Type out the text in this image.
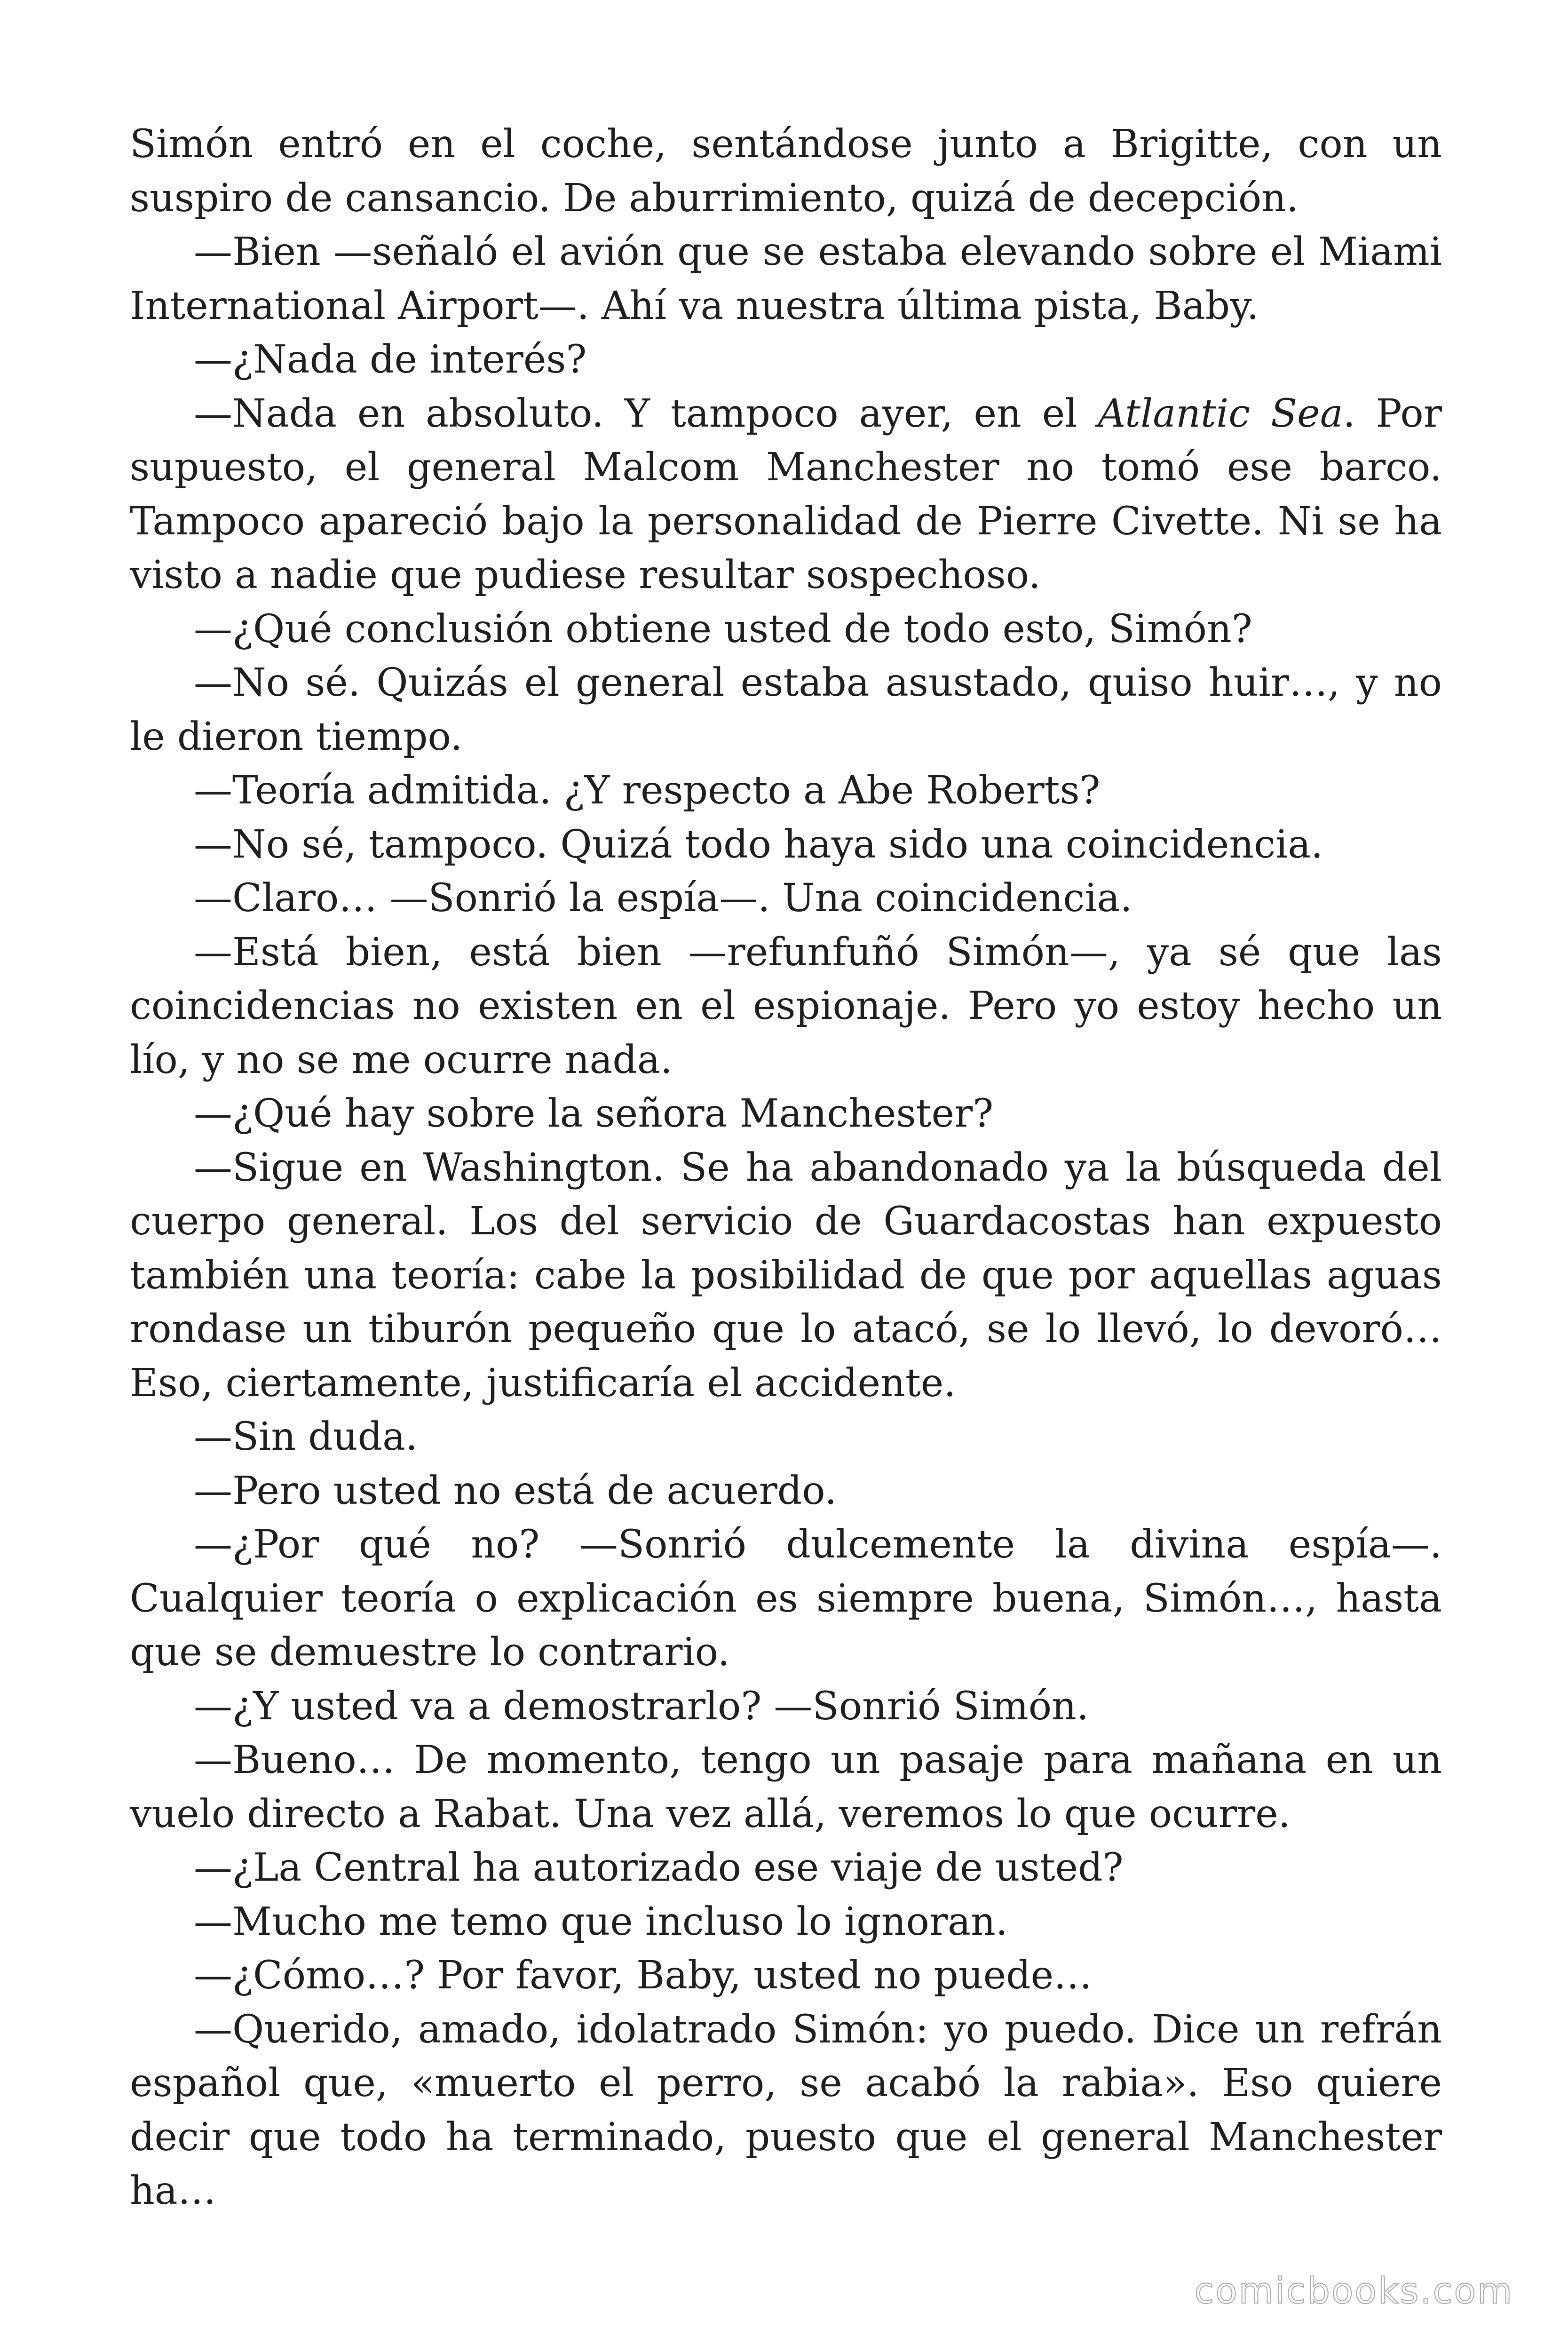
Simón entró en el coche, sentándose junto a Brigitte, con un suspiro de cansancio. De aburrimiento, quizá de decepción.

—Bien —señaló el avión que se estaba elevando sobre el Miami International Airport—. Ahí va nuestra última pista, Baby.

—¿Nada de interés?

—Nada en absoluto. Y tampoco ayer, en el Atlantic Sea. Por supuesto, el general Malcom Manchester no tomó ese barco. Tampoco apareció bajo la personalidad de Pierre Civette. Ni se ha visto a nadie que pudiese resultar sospechoso.

—¿Qué conclusión obtiene usted de todo esto, Simón?

—No sé. Quizás el general estaba asustado, quiso huir…, y no le dieron tiempo.

—Teoría admitida. ¿Y respecto a Abe Roberts?

—No sé, tampoco. Quizá todo haya sido una coincidencia.

—Claro… —Sonrió la espía—. Una coincidencia.

—Está bien, está bien —refunfuñó Simón—, ya sé que las coincidencias no existen en el espionaje. Pero yo estoy hecho un lío, y no se me ocurre nada.

—¿Qué hay sobre la señora Manchester?

—Sigue en Washington. Se ha abandonado ya la búsqueda del cuerpo general. Los del servicio de Guardacostas han expuesto también una teoría: cabe la posibilidad de que por aquellas aguas rondase un tiburón pequeño que lo atacó, se lo llevó, lo devoró… Eso, ciertamente, justificaría el accidente.

—Sin duda.

—Pero usted no está de acuerdo.

—¿Por qué no? —Sonrió dulcemente la divina espía—. Cualquier teoría o explicación es siempre buena, Simón…, hasta que se demuestre lo contrario.

—¿Y usted va a demostrarlo? —Sonrió Simón.

—Bueno… De momento, tengo un pasaje para mañana en un vuelo directo a Rabat. Una vez allá, veremos lo que ocurre.

—¿La Central ha autorizado ese viaje de usted?

—Mucho me temo que incluso lo ignoran.

—¿Cómo…? Por favor, Baby, usted no puede…

—Querido, amado, idolatrado Simón: yo puedo. Dice un refrán español que, «muerto el perro, se acabó la rabia». Eso quiere decir que todo ha terminado, puesto que el general Manchester ha…

comicbooks.com
